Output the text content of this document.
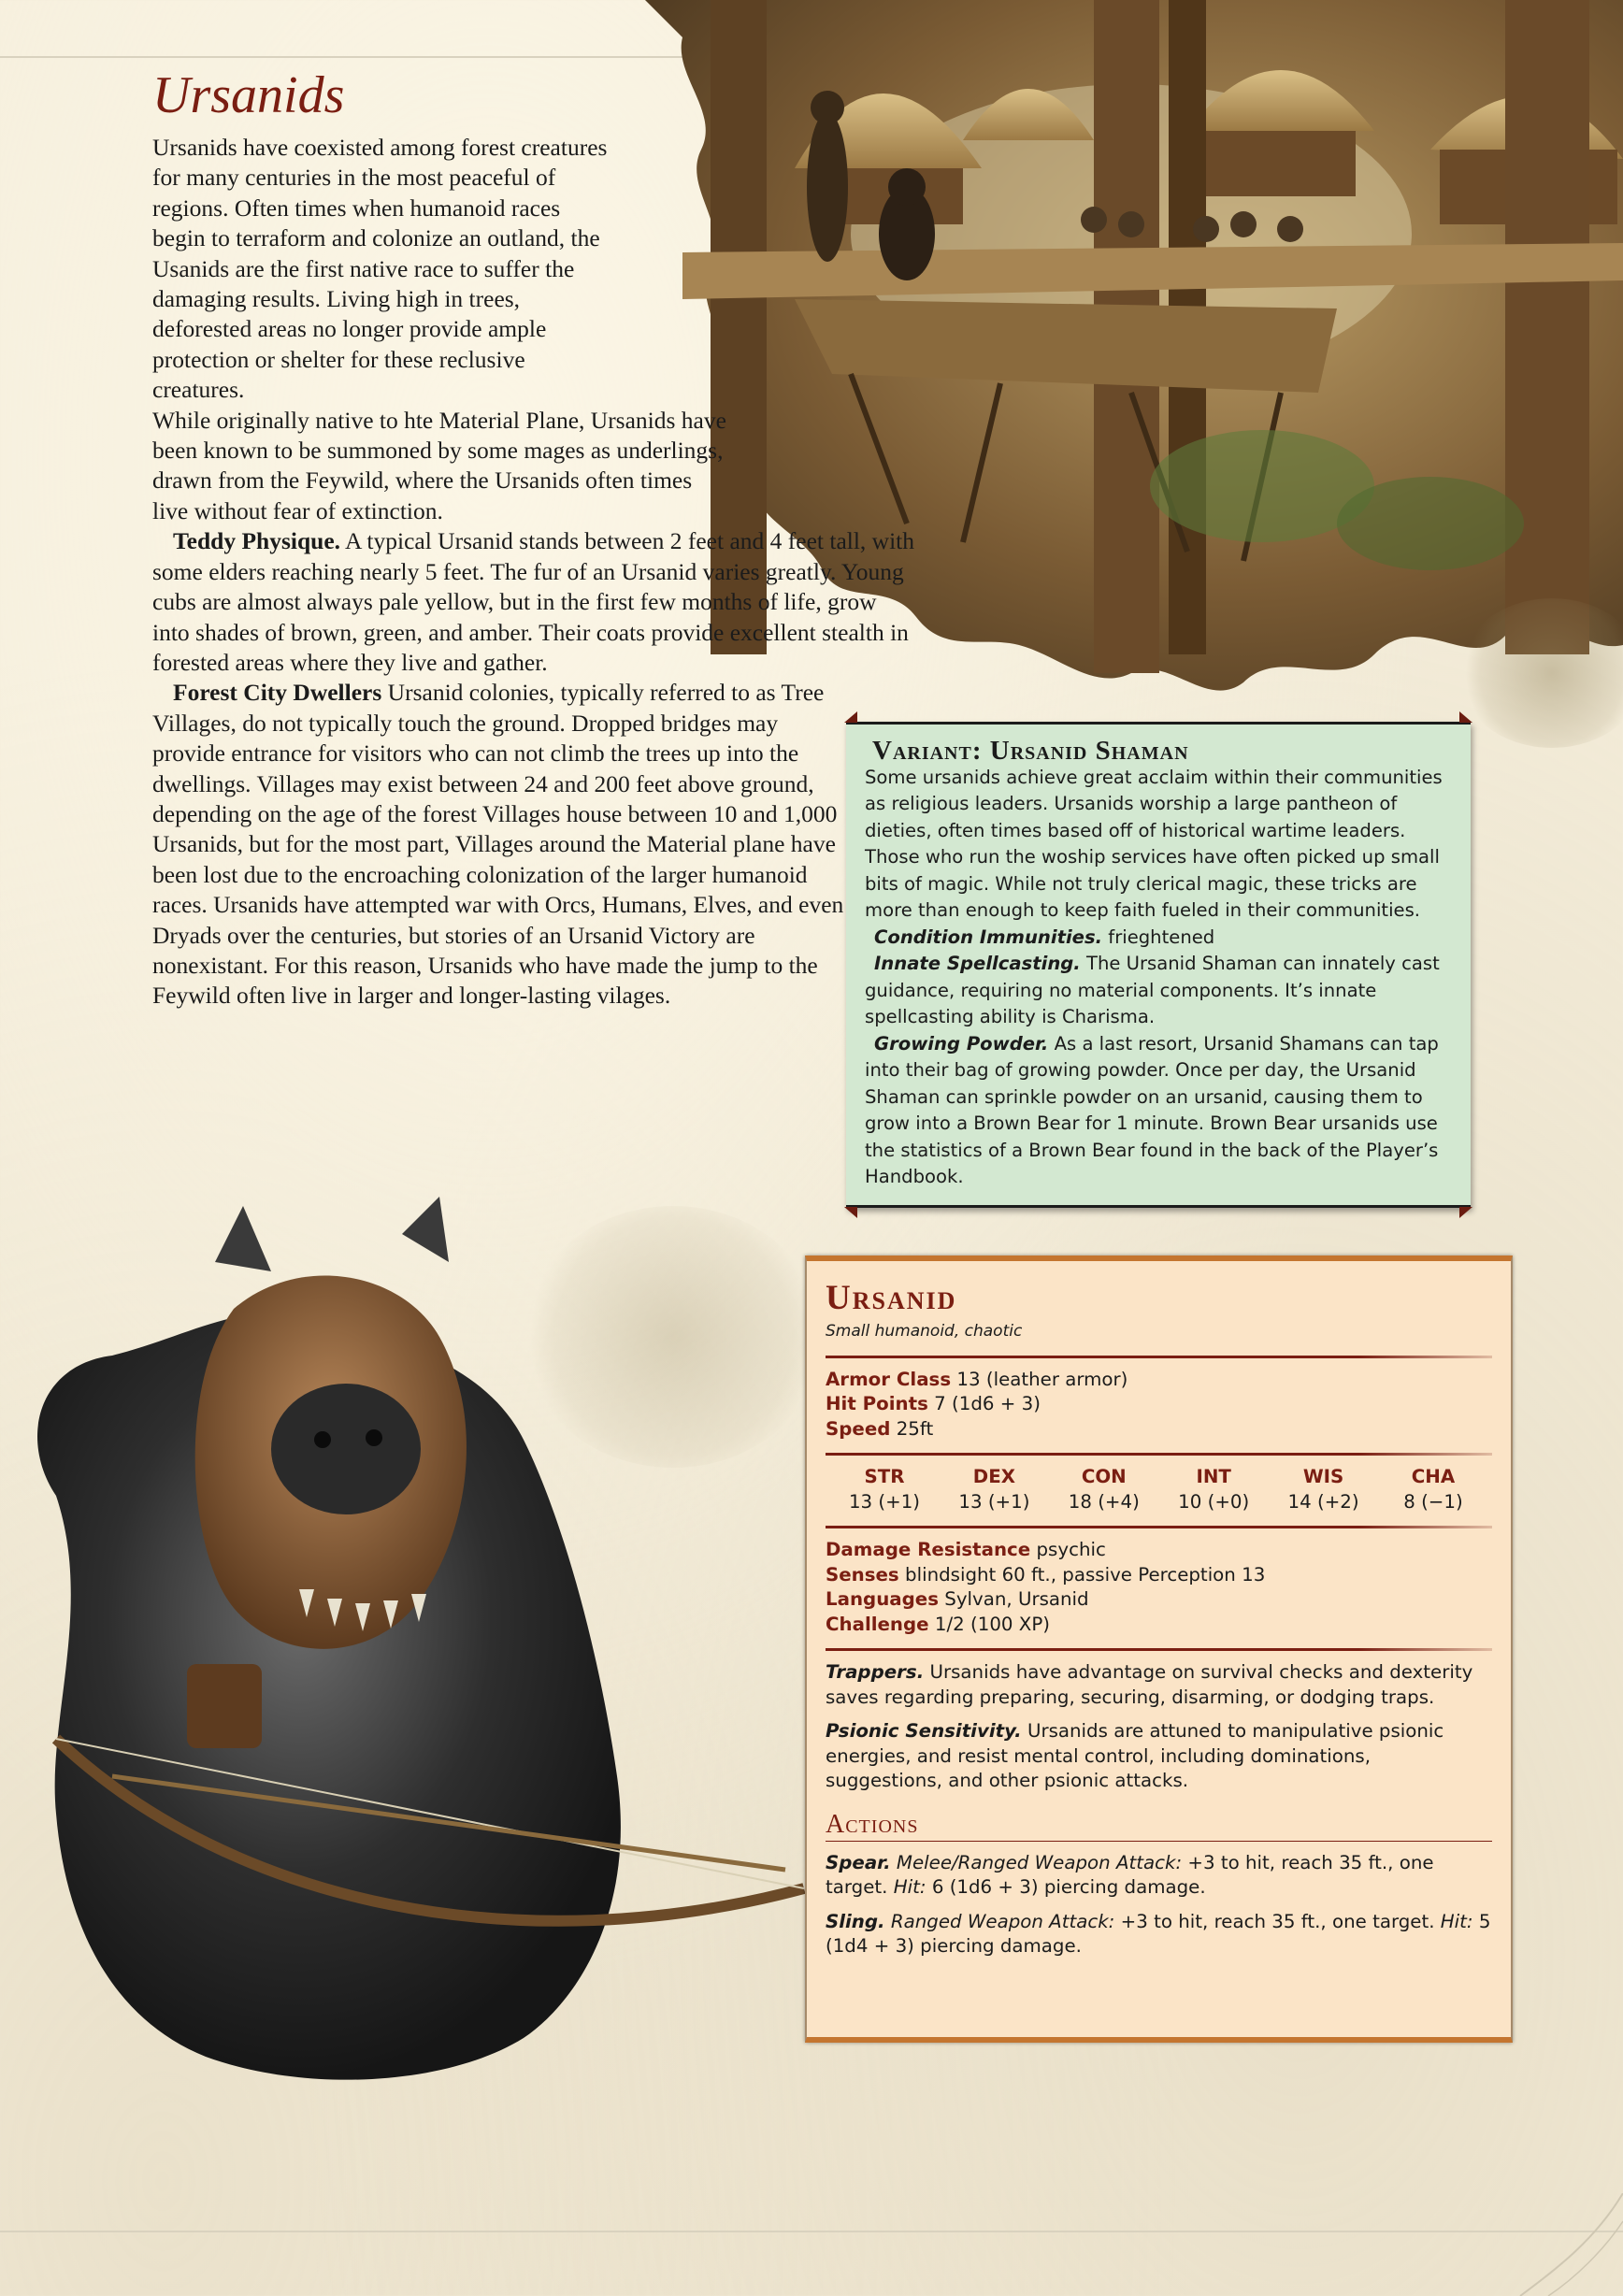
Ursanids

Ursanids have coexisted among forest creatures for many centuries in the most peaceful of regions. Often times when humanoid races begin to terraform and colonize an outland, the Usanids are the first native race to suffer the damaging results. Living high in trees, deforested areas no longer provide ample protection or shelter for these reclusive creatures.

While originally native to hte Material Plane, Ursanids have been known to be summoned by some mages as underlings, drawn from the Feywild, where the Ursanids often times live without fear of extinction.

Teddy Physique. A typical Ursanid stands between 2 feet and 4 feet tall, with some elders reaching nearly 5 feet. The fur of an Ursanid varies greatly. Young cubs are almost always pale yellow, but in the first few months of life, grow into shades of brown, green, and amber. Their coats provide excellent stealth in forested areas where they live and gather.

Forest City Dwellers Ursanid colonies, typically referred to as Tree Villages, do not typically touch the ground. Dropped bridges may provide entrance for visitors who can not climb the trees up into the dwellings. Villages may exist between 24 and 200 feet above ground, depending on the age of the forest Villages house between 10 and 1,000 Ursanids, but for the most part, Villages around the Material plane have been lost due to the encroaching colonization of the larger humanoid races. Ursanids have attempted war with Orcs, Humans, Elves, and even Dryads over the centuries, but stories of an Ursanid Victory are nonexistant. For this reason, Ursanids who have made the jump to the Feywild often live in larger and longer-lasting vilages.

Variant: Ursanid Shaman

Some ursanids achieve great acclaim within their communities as religious leaders. Ursanids worship a large pantheon of dieties, often times based off of historical wartime leaders. Those who run the woship services have often picked up small bits of magic. While not truly clerical magic, these tricks are more than enough to keep faith fueled in their communities.

Condition Immunities. frieghtened

Innate Spellcasting. The Ursanid Shaman can innately cast guidance, requiring no material components. It’s innate spellcasting ability is Charisma.

Growing Powder. As a last resort, Ursanid Shamans can tap into their bag of growing powder. Once per day, the Ursanid Shaman can sprinkle powder on an ursanid, causing them to grow into a Brown Bear for 1 minute. Brown Bear ursanids use the statistics of a Brown Bear found in the back of the Player’s Handbook.

Ursanid
Small humanoid, chaotic

Armor Class 13 (leather armor)

Hit Points 7 (1d6 + 3)

Speed 25ft

STR
13 (+1)
DEX
13 (+1)
CON
18 (+4)
INT
10 (+0)
WIS
14 (+2)
CHA
8 (−1)

Damage Resistance psychic

Senses blindsight 60 ft., passive Perception 13

Languages Sylvan, Ursanid

Challenge 1/2 (100 XP)

Trappers. Ursanids have advantage on survival checks and dexterity saves regarding preparing, securing, disarming, or dodging traps.

Psionic Sensitivity. Ursanids are attuned to manipulative psionic energies, and resist mental control, including dominations, suggestions, and other psionic attacks.

Actions

Spear. Melee/Ranged Weapon Attack: +3 to hit, reach 35 ft., one target. Hit: 6 (1d6 + 3) piercing damage.

Sling. Ranged Weapon Attack: +3 to hit, reach 35 ft., one target. Hit: 5 (1d4 + 3) piercing damage.
